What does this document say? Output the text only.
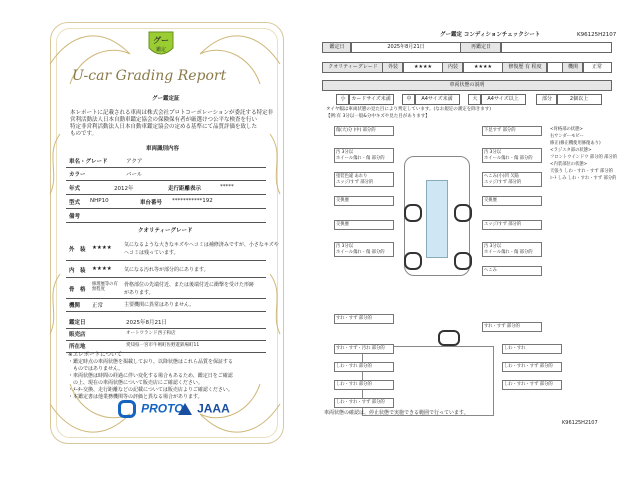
グー
鑑定
U-car Grading Report
グー鑑定証
本レポートに記載される車両は株式会社プロトコーポレーションが委託する特定非
営利活動法人日本自動車鑑定協会の保険保有者が厳選けつ公平な検査を行い
特定非営利活動法人日本自動車鑑定協会の定める基準にて品質評価を致した
ものです。
車両識別内容
車名・グレード	アクア
カラー	パール
年式	2012年	走行距離表示	*****
型式 NHP10	車台番号 ***********192
備考
クオリティーグレード
外　装 ★★★★ 気になるような大きなキズやヘコミは補修済みですが、小さなキズや
ヘコミは残っています。
内　装 ★★★★ 気になる汚れ等が部分的にあります。
骨　格
修理歴等の有無程度
骨格部位の先端付近、または後端付近に衝撃を受けた形跡
があります。
機関 正常	主要機関に異常はありません。
鑑定日	2025年8月21日
販売店	オートワランド西子和店
所在地	愛知県一宮市牛剣町佐野遊鉄場町11
※ヱレポートについて
・鑑定時点の車両状態を掲載しており、以降状態はこれら品質を保証する
　ものではありません。
・車両状態は時間の経過に伴い変化する場合もあるため、鑑定日をご確認
　の上、現在の車両状態について販売店にご確認ください。
・ﾒｰﾀｰ交換、走行距離などの記載については販売店よりご確認ください。
・本鑑定書は他業務機関等の評価と異なる場合があります。
PROTO	JAAA
グー鑑定 コンディションチェックシート	K96125H2107
鑑定日	2025年8月21日	再鑑定日
クオリティーグレード	外装	★★★★	内装	★★★★	修復歴 有 程度	機関	正常
車両状態の説明
小	カードサイズ未満	中	A4サイズ未満	大	A4サイズ以上	部分	2個以上
タイヤ幅は車両状態の見た目により判定しています。(なお規定の測定を除きます)
【例:有 3分以一般&分中キズや見た目があります】
傷(大)分 (中) 部分的
汚 3分以
ホイール傷れ・傷 部分的
塗装色違 あれり
エッジ/すず 部分的
交換歴
交換歴
汚 3分以
ホイール傷れ・傷 部分的
すれ・すず 部分的
すれ・すず・汚れ 部分的
しわ・すれ 部分的
しわ・すれ 部分的
しわ・すれ・すず 部分的
下見すず 部分的
汚 3分以
ホイール傷れ・傷 部分的
へこみ(小)凹 欠陥
エッジ/すず 部分的
交換歴
エッジ/すず 部分的
汚 3分以
ホイール傷れ・傷 部分的
へこみ
すれ・すず 部分的
しわ・すれ
しわ・すれ・すず 部分的
しわ・すれ・すず 部分的
<骨格部の状態>
右サンダーモビー
修正(修正機使用修復あり)
<ラジエタ部の状態>
フロントウインドウ 部分的 部分的
<内装部位の状態>
天張り しわ・すれ・すず 部分的
ｼｰﾄ しみ しわ・すれ・すず 部分的
車両状態の確認は、停止状態で実施できる範囲で行っています。
K96125H2107
